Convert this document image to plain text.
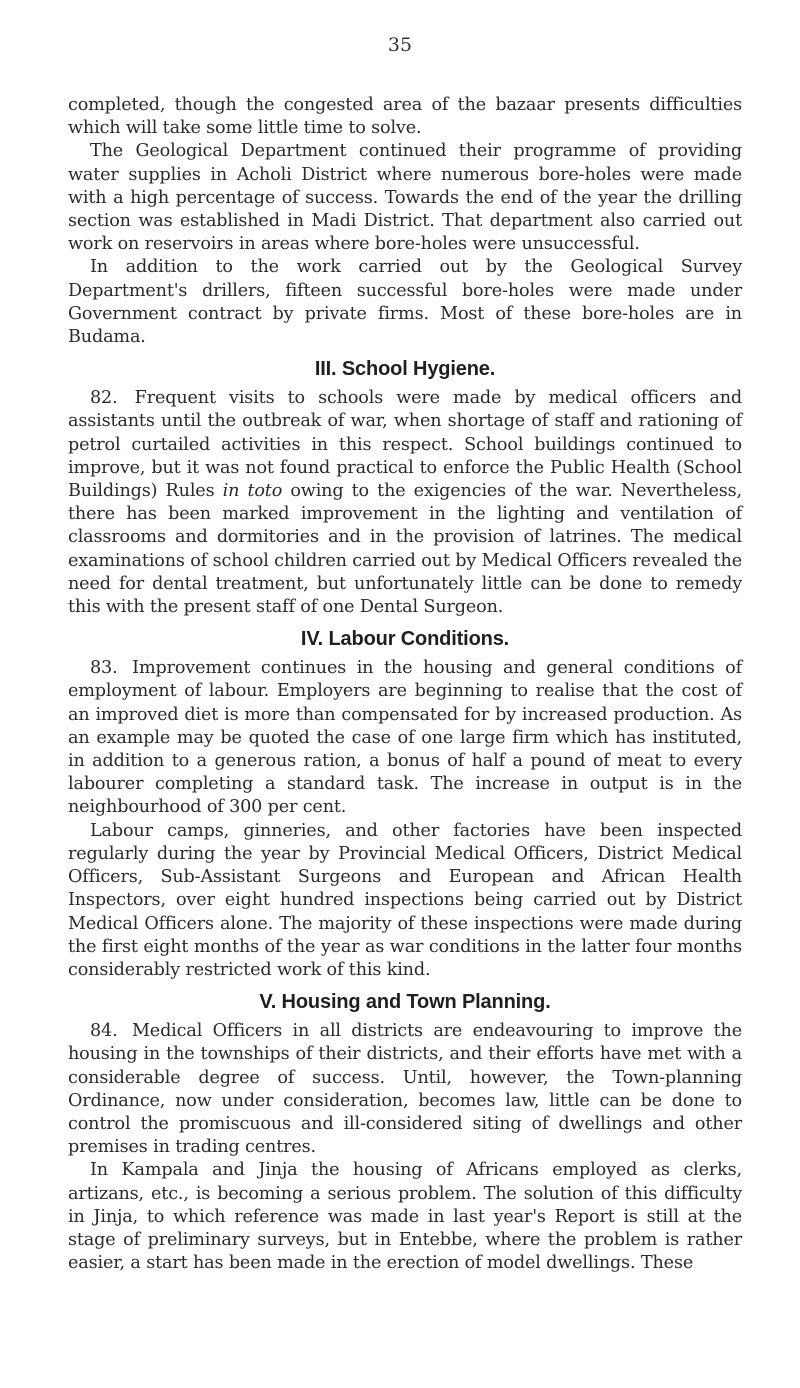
35

completed, though the congested area of the bazaar presents difficulties which will take some little time to solve.

The Geological Department continued their programme of providing water supplies in Acholi District where numerous bore-holes were made with a high percentage of success. Towards the end of the year the drilling section was established in Madi District. That department also carried out work on reservoirs in areas where bore-holes were unsuccessful.

In addition to the work carried out by the Geological Survey Department's drillers, fifteen successful bore-holes were made under Government contract by private firms. Most of these bore-holes are in Budama.

III. School Hygiene.

82. Frequent visits to schools were made by medical officers and assistants until the outbreak of war, when shortage of staff and rationing of petrol curtailed activities in this respect. School buildings continued to improve, but it was not found practical to enforce the Public Health (School Buildings) Rules in toto owing to the exigencies of the war. Nevertheless, there has been marked improvement in the lighting and ventilation of classrooms and dormitories and in the provision of latrines. The medical examinations of school children carried out by Medical Officers revealed the need for dental treatment, but unfortunately little can be done to remedy this with the present staff of one Dental Surgeon.

IV. Labour Conditions.

83. Improvement continues in the housing and general conditions of employment of labour. Employers are beginning to realise that the cost of an improved diet is more than compensated for by increased production. As an example may be quoted the case of one large firm which has instituted, in addition to a generous ration, a bonus of half a pound of meat to every labourer completing a standard task. The increase in output is in the neighbourhood of 300 per cent.

Labour camps, ginneries, and other factories have been inspected regularly during the year by Provincial Medical Officers, District Medical Officers, Sub-Assistant Surgeons and European and African Health Inspectors, over eight hundred inspections being carried out by District Medical Officers alone. The majority of these inspections were made during the first eight months of the year as war conditions in the latter four months considerably restricted work of this kind.

V. Housing and Town Planning.

84. Medical Officers in all districts are endeavouring to improve the housing in the townships of their districts, and their efforts have met with a considerable degree of success. Until, however, the Town-planning Ordinance, now under consideration, becomes law, little can be done to control the promiscuous and ill-considered siting of dwellings and other premises in trading centres.

In Kampala and Jinja the housing of Africans employed as clerks, artizans, etc., is becoming a serious problem. The solution of this difficulty in Jinja, to which reference was made in last year's Report is still at the stage of preliminary surveys, but in Entebbe, where the problem is rather easier, a start has been made in the erection of model dwellings. These
